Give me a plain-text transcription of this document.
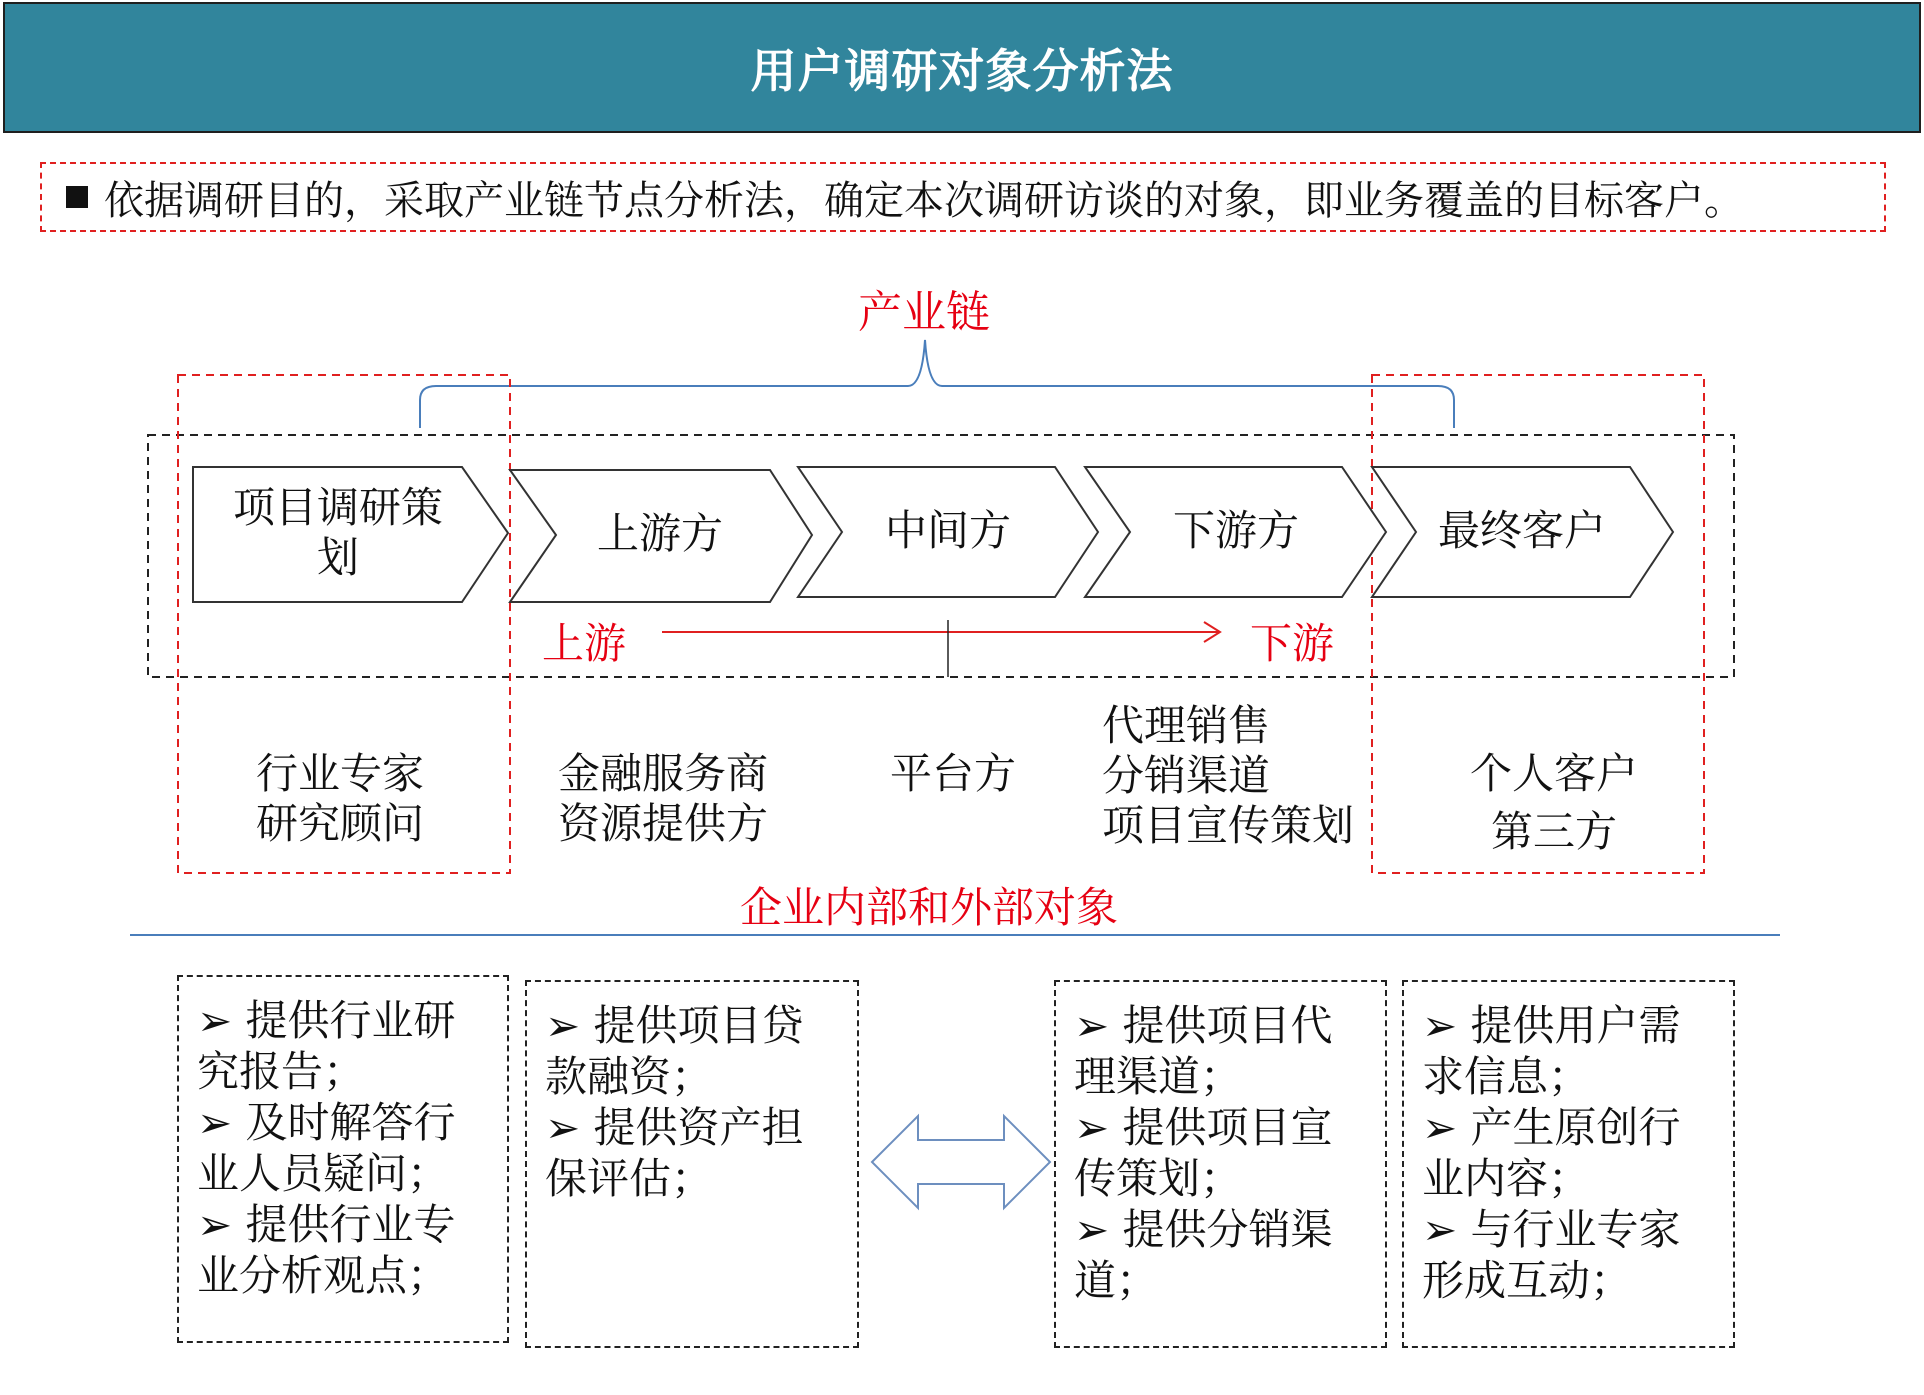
用户调研对象分析法
依据调研目的，采取产业链节点分析法，确定本次调研访谈的对象，即业务覆盖的目标客户。
产业链
项目调研策划	上游方	中间方	下游方	最终客户
上游	下游
行业专家
研究顾问
金融服务商
资源提供方
平台方
代理销售
分销渠道
项目宣传策划
个人客户
第三方
企业内部和外部对象

➢ 提供行业研究报告；

➢ 及时解答行业人员疑问；

➢ 提供行业专业分析观点；

➢ 提供项目贷款融资；

➢ 提供资产担保评估；

➢ 提供项目代理渠道；

➢ 提供项目宣传策划；

➢ 提供分销渠道；

➢ 提供用户需求信息；

➢ 产生原创行业内容；

➢ 与行业专家形成互动；
